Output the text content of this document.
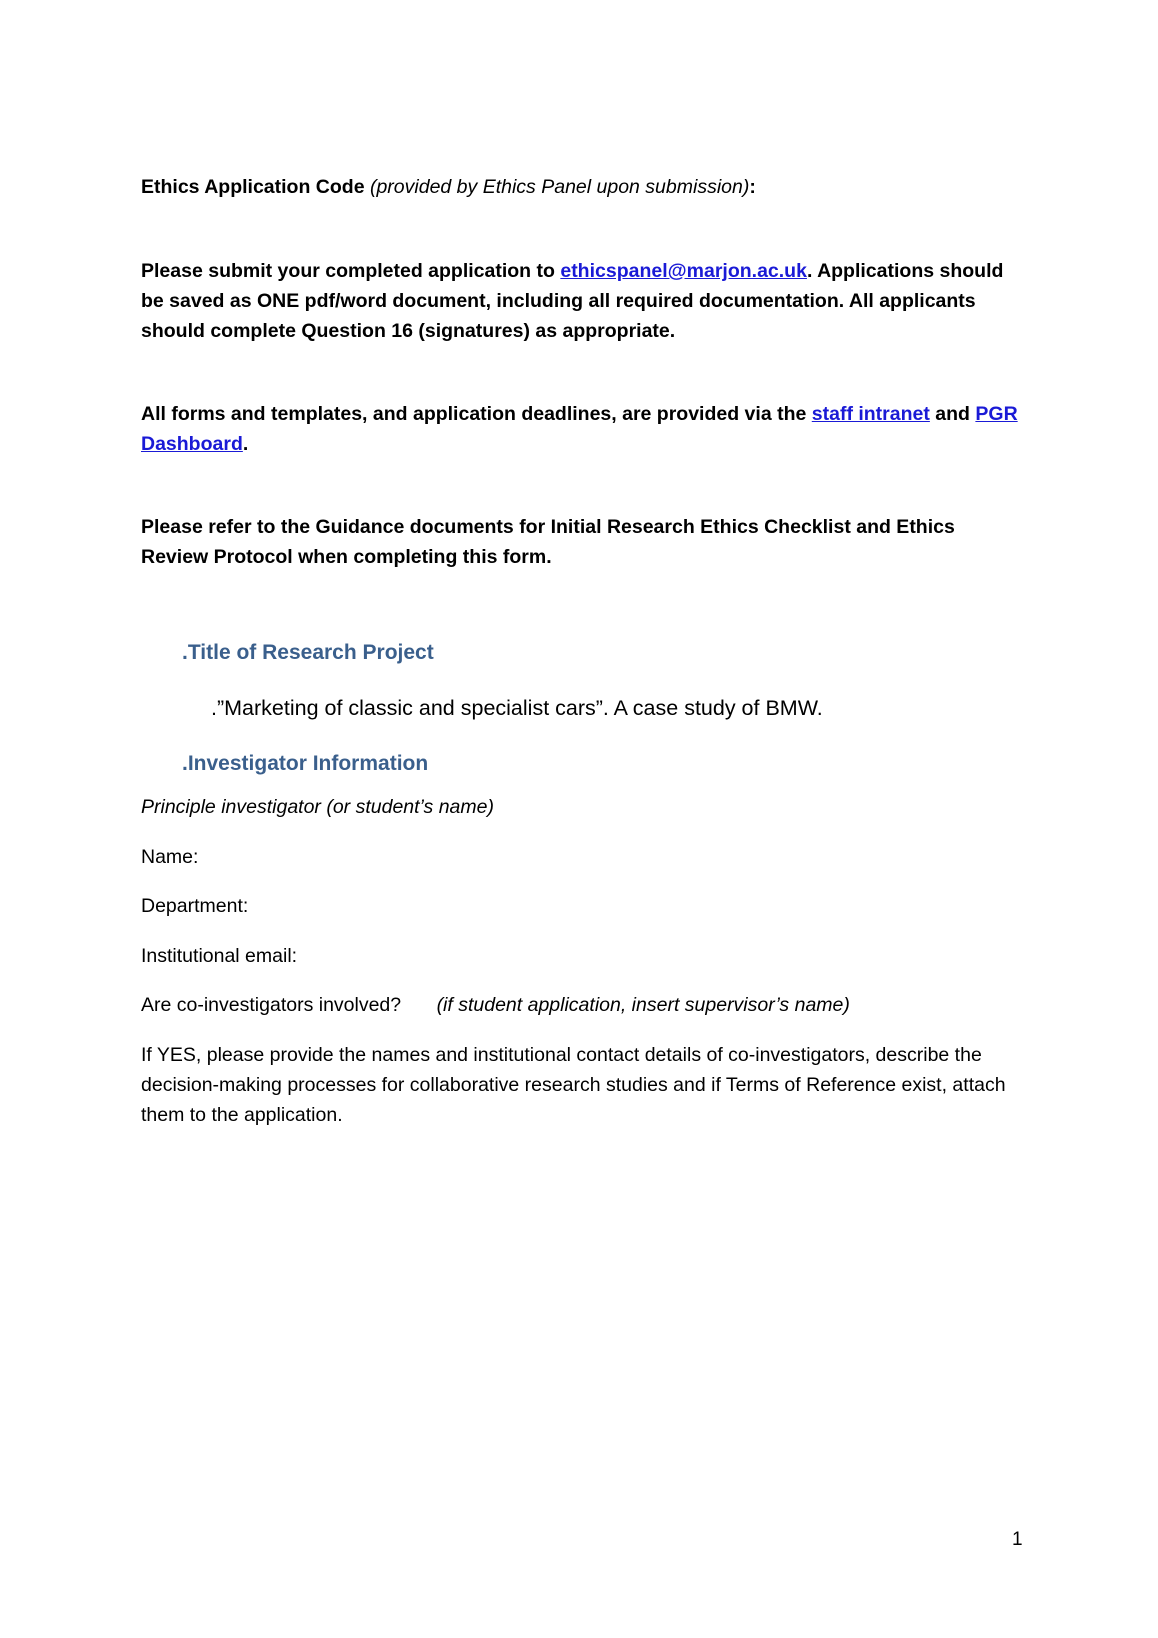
Ethics Application Code (provided by Ethics Panel upon submission):

Please submit your completed application to ethicspanel@marjon.ac.uk. Applications should be saved as ONE pdf/word document, including all required documentation. All applicants should complete Question 16 (signatures) as appropriate.

All forms and templates, and application deadlines, are provided via the staff intranet and PGR Dashboard.

Please refer to the Guidance documents for Initial Research Ethics Checklist and Ethics Review Protocol when completing this form.

.Title of Research Project

.”Marketing of classic and specialist cars”. A case study of BMW.

.Investigator Information

Principle investigator (or student’s name)

Name:

Department:

Institutional email:

Are co-investigators involved? (if student application, insert supervisor’s name)

If YES, please provide the names and institutional contact details of co-investigators, describe the decision-making processes for collaborative research studies and if Terms of Reference exist, attach them to the application.

1
